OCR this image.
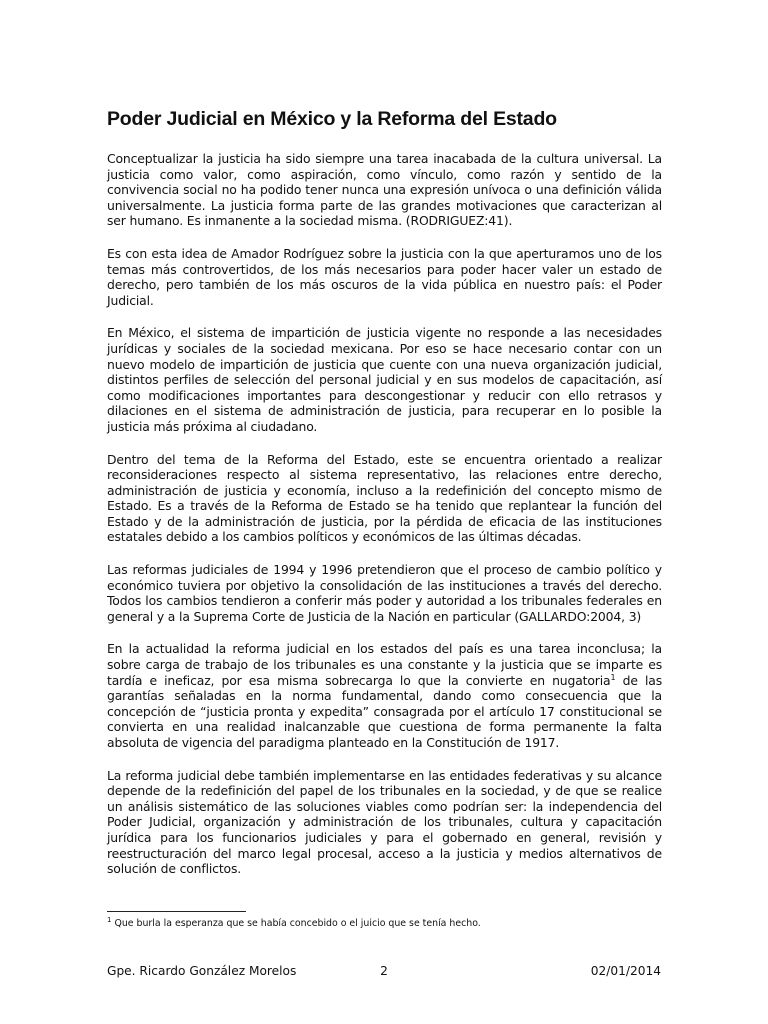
Poder Judicial en México y la Reforma del Estado

Conceptualizar la justicia ha sido siempre una tarea inacabada de la cultura universal. La justicia como valor, como aspiración, como vínculo, como razón y sentido de la convivencia social no ha podido tener nunca una expresión unívoca o una definición válida universalmente. La justicia forma parte de las grandes motivaciones que caracterizan al ser humano. Es inmanente a la sociedad misma. (RODRIGUEZ:41).

Es con esta idea de Amador Rodríguez sobre la justicia con la que aperturamos uno de los temas más controvertidos, de los más necesarios para poder hacer valer un estado de derecho, pero también de los más oscuros de la vida pública en nuestro país: el Poder Judicial.

En México, el sistema de impartición de justicia vigente no responde a las necesidades jurídicas y sociales de la sociedad mexicana. Por eso se hace necesario contar con un nuevo modelo de impartición de justicia que cuente con una nueva organización judicial, distintos perfiles de selección del personal judicial y en sus modelos de capacitación, así como modificaciones importantes para descongestionar y reducir con ello retrasos y dilaciones en el sistema de administración de justicia, para recuperar en lo posible la justicia más próxima al ciudadano.

Dentro del tema de la Reforma del Estado, este se encuentra orientado a realizar reconsideraciones respecto al sistema representativo, las relaciones entre derecho, administración de justicia y economía, incluso a la redefinición del concepto mismo de Estado. Es a través de la Reforma de Estado se ha tenido que replantear la función del Estado y de la administración de justicia, por la pérdida de eficacia de las instituciones estatales debido a los cambios políticos y económicos de las últimas décadas.

Las reformas judiciales de 1994 y 1996 pretendieron que el proceso de cambio político y económico tuviera por objetivo la consolidación de las instituciones a través del derecho. Todos los cambios tendieron a conferir más poder y autoridad a los tribunales federales en general y a la Suprema Corte de Justicia de la Nación en particular (GALLARDO:2004, 3)

En la actualidad la reforma judicial en los estados del país es una tarea inconclusa; la sobre carga de trabajo de los tribunales es una constante y la justicia que se imparte es tardía e ineficaz, por esa misma sobrecarga lo que la convierte en nugatoria$^1$ de las garantías señaladas en la norma fundamental, dando como consecuencia que la concepción de “justicia pronta y expedita” consagrada por el artículo 17 constitucional se convierta en una realidad inalcanzable que cuestiona de forma permanente la falta absoluta de vigencia del paradigma planteado en la Constitución de 1917.

La reforma judicial debe también implementarse en las entidades federativas y su alcance depende de la redefinición del papel de los tribunales en la sociedad, y de que se realice un análisis sistemático de las soluciones viables como podrían ser: la independencia del Poder Judicial, organización y administración de los tribunales, cultura y capacitación jurídica para los funcionarios judiciales y para el gobernado en general, revisión y reestructuración del marco legal procesal, acceso a la justicia y medios alternativos de solución de conflictos.

$^1$ Que burla la esperanza que se había concebido o el juicio que se tenía hecho.

Gpe. Ricardo González Morelos	2	02/01/2014
